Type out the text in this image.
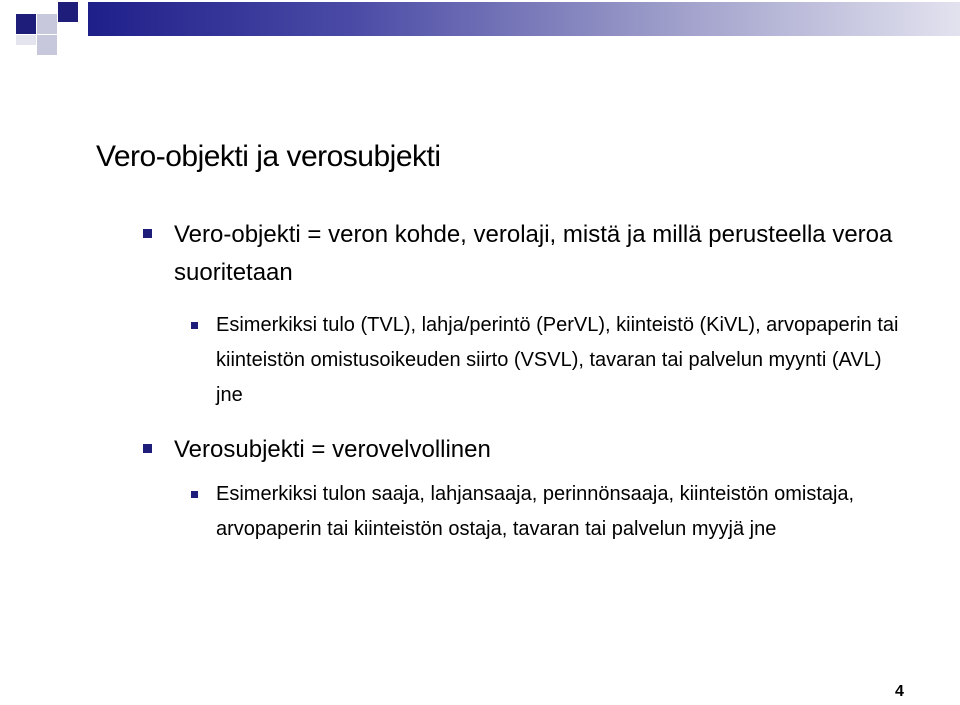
Vero-objekti ja verosubjekti
Vero-objekti = veron kohde, verolaji, mistä ja millä perusteella veroa suoritetaan
Esimerkiksi tulo (TVL), lahja/perintö (PerVL), kiinteistö (KiVL), arvopaperin tai kiinteistön omistusoikeuden siirto (VSVL), tavaran tai palvelun myynti (AVL) jne
Verosubjekti = verovelvollinen
Esimerkiksi tulon saaja, lahjansaaja, perinnönsaaja, kiinteistön omistaja, arvopaperin tai kiinteistön ostaja, tavaran tai palvelun myyjä jne
4
